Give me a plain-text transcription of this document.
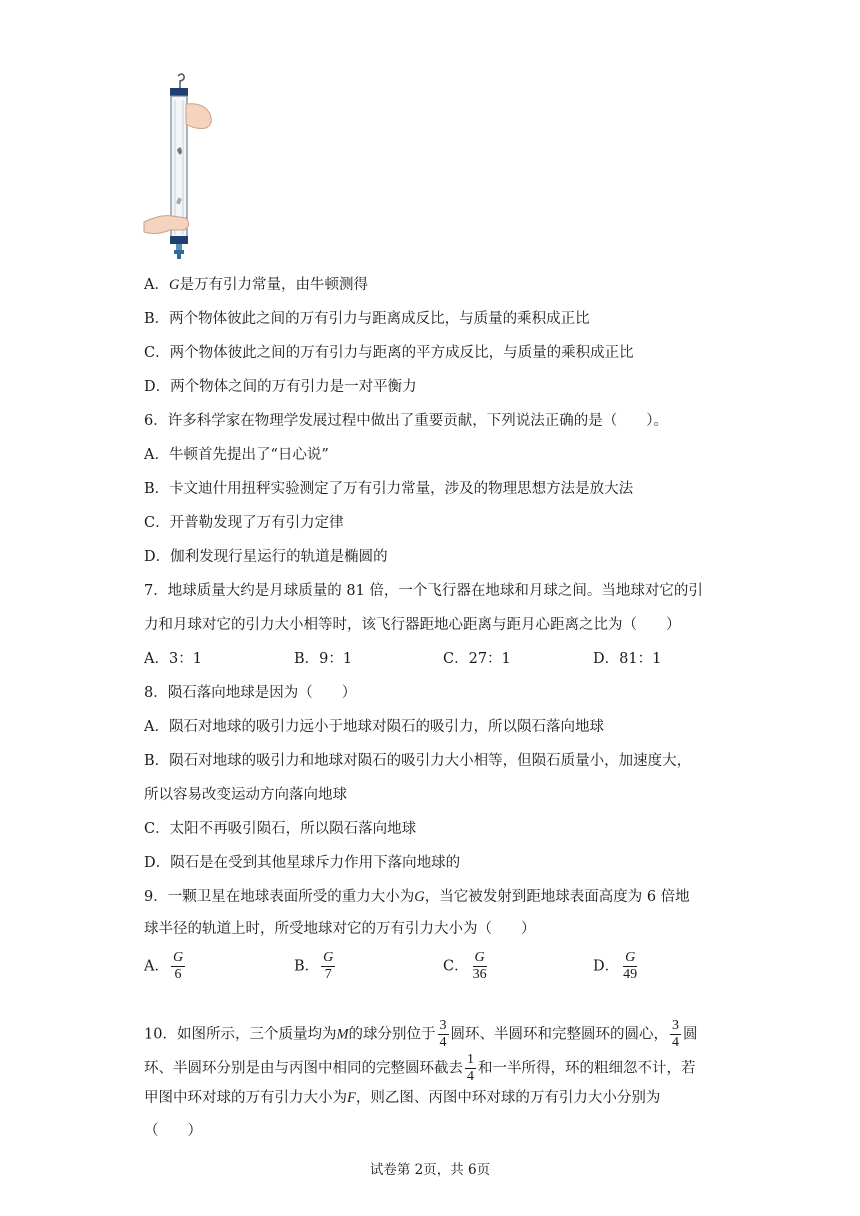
A．G是万有引力常量，由牛顿测得
B．两个物体彼此之间的万有引力与距离成反比，与质量的乘积成正比
C．两个物体彼此之间的万有引力与距离的平方成反比，与质量的乘积成正比
D．两个物体之间的万有引力是一对平衡力
6．许多科学家在物理学发展过程中做出了重要贡献，下列说法正确的是（　　）。
A．牛顿首先提出了“日心说”
B．卡文迪什用扭秤实验测定了万有引力常量，涉及的物理思想方法是放大法
C．开普勒发现了万有引力定律
D．伽利发现行星运行的轨道是椭圆的
7．地球质量大约是月球质量的 81 倍，一个飞行器在地球和月球之间。当地球对它的引
力和月球对它的引力大小相等时，该飞行器距地心距离与距月心距离之比为（　　）
A．3：1	B．9：1	C．27：1	D．81：1
8．陨石落向地球是因为（　　）
A．陨石对地球的吸引力远小于地球对陨石的吸引力，所以陨石落向地球
B．陨石对地球的吸引力和地球对陨石的吸引力大小相等，但陨石质量小，加速度大，
所以容易改变运动方向落向地球
C．太阳不再吸引陨石，所以陨石落向地球
D．陨石是在受到其他星球斥力作用下落向地球的
9．一颗卫星在地球表面所受的重力大小为G，当它被发射到距地球表面高度为 6 倍地
球半径的轨道上时，所受地球对它的万有引力大小为（　　）
A． $\frac{G}{6}$	B． $\frac{G}{7}$	C． $\frac{G}{36}$	D． $\frac{G}{49}$
10．如图所示，三个质量均为M的球分别位于 $\frac{3}{4}$ 圆环、半圆环和完整圆环的圆心， $\frac{3}{4}$ 圆
环、半圆环分别是由与丙图中相同的完整圆环截去 $\frac{1}{4}$ 和一半所得，环的粗细忽不计，若
甲图中环对球的万有引力大小为F，则乙图、丙图中环对球的万有引力大小分别为
（　　）
试卷第 2页，共 6页
